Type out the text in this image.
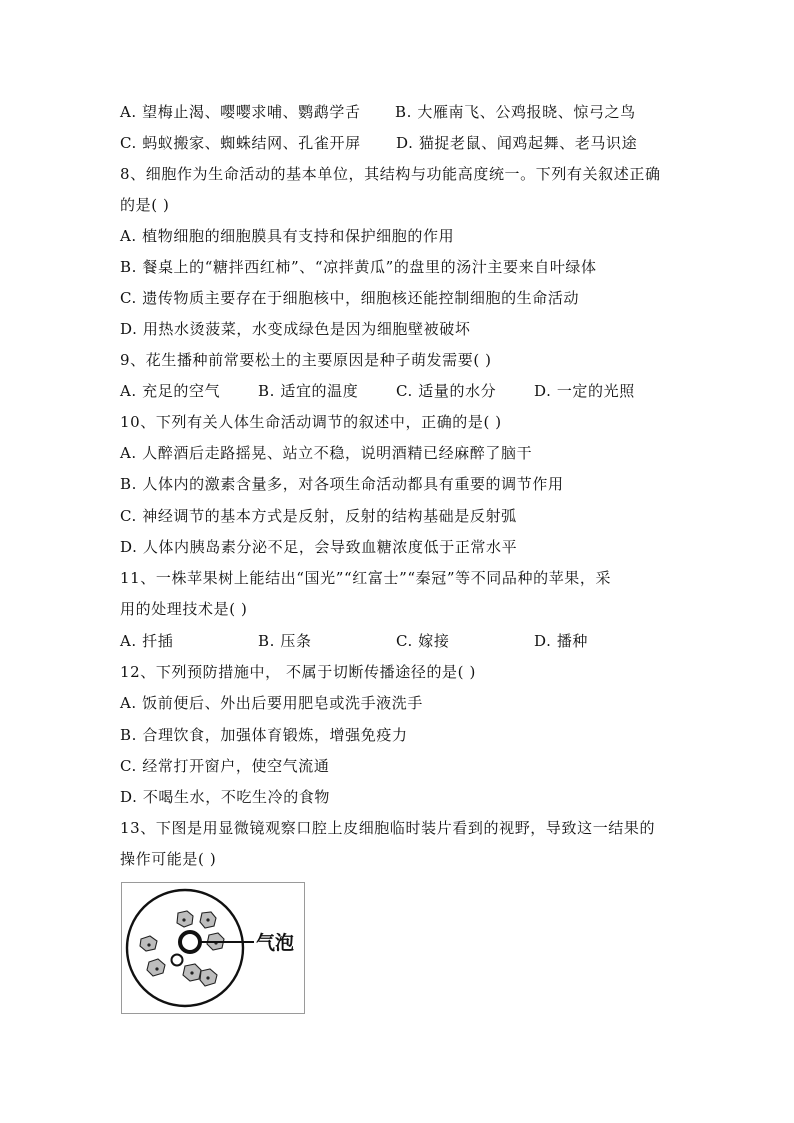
A. 望梅止渴、嘤嘤求哺、鹦鹉学舌 B. 大雁南飞、公鸡报晓、惊弓之鸟
C. 蚂蚁搬家、蜘蛛结网、孔雀开屏 D. 猫捉老鼠、闻鸡起舞、老马识途
8、细胞作为生命活动的基本单位，其结构与功能高度统一。下列有关叙述正确
的是( )
A. 植物细胞的细胞膜具有支持和保护细胞的作用
B. 餐桌上的“糖拌西红柿”、“凉拌黄瓜”的盘里的汤汁主要来自叶绿体
C. 遗传物质主要存在于细胞核中，细胞核还能控制细胞的生命活动
D. 用热水烫菠菜，水变成绿色是因为细胞壁被破坏
9、花生播种前常要松土的主要原因是种子萌发需要( )
A. 充足的空气	B. 适宜的温度	C. 适量的水分	D. 一定的光照
10、下列有关人体生命活动调节的叙述中，正确的是( )
A. 人醉酒后走路摇晃、站立不稳，说明酒精已经麻醉了脑干
B. 人体内的激素含量多，对各项生命活动都具有重要的调节作用
C. 神经调节的基本方式是反射，反射的结构基础是反射弧
D. 人体内胰岛素分泌不足，会导致血糖浓度低于正常水平
11、一株苹果树上能结出“国光”“红富士”“秦冠”等不同品种的苹果，采
用的处理技术是( )
A. 扦插	B. 压条	C. 嫁接	D. 播种
12、下列预防措施中， 不属于切断传播途径的是( )
A. 饭前便后、外出后要用肥皂或洗手液洗手
B. 合理饮食，加强体育锻炼，增强免疫力
C. 经常打开窗户，使空气流通
D. 不喝生水，不吃生冷的食物
13、下图是用显微镜观察口腔上皮细胞临时装片看到的视野，导致这一结果的
操作可能是( )
气泡
